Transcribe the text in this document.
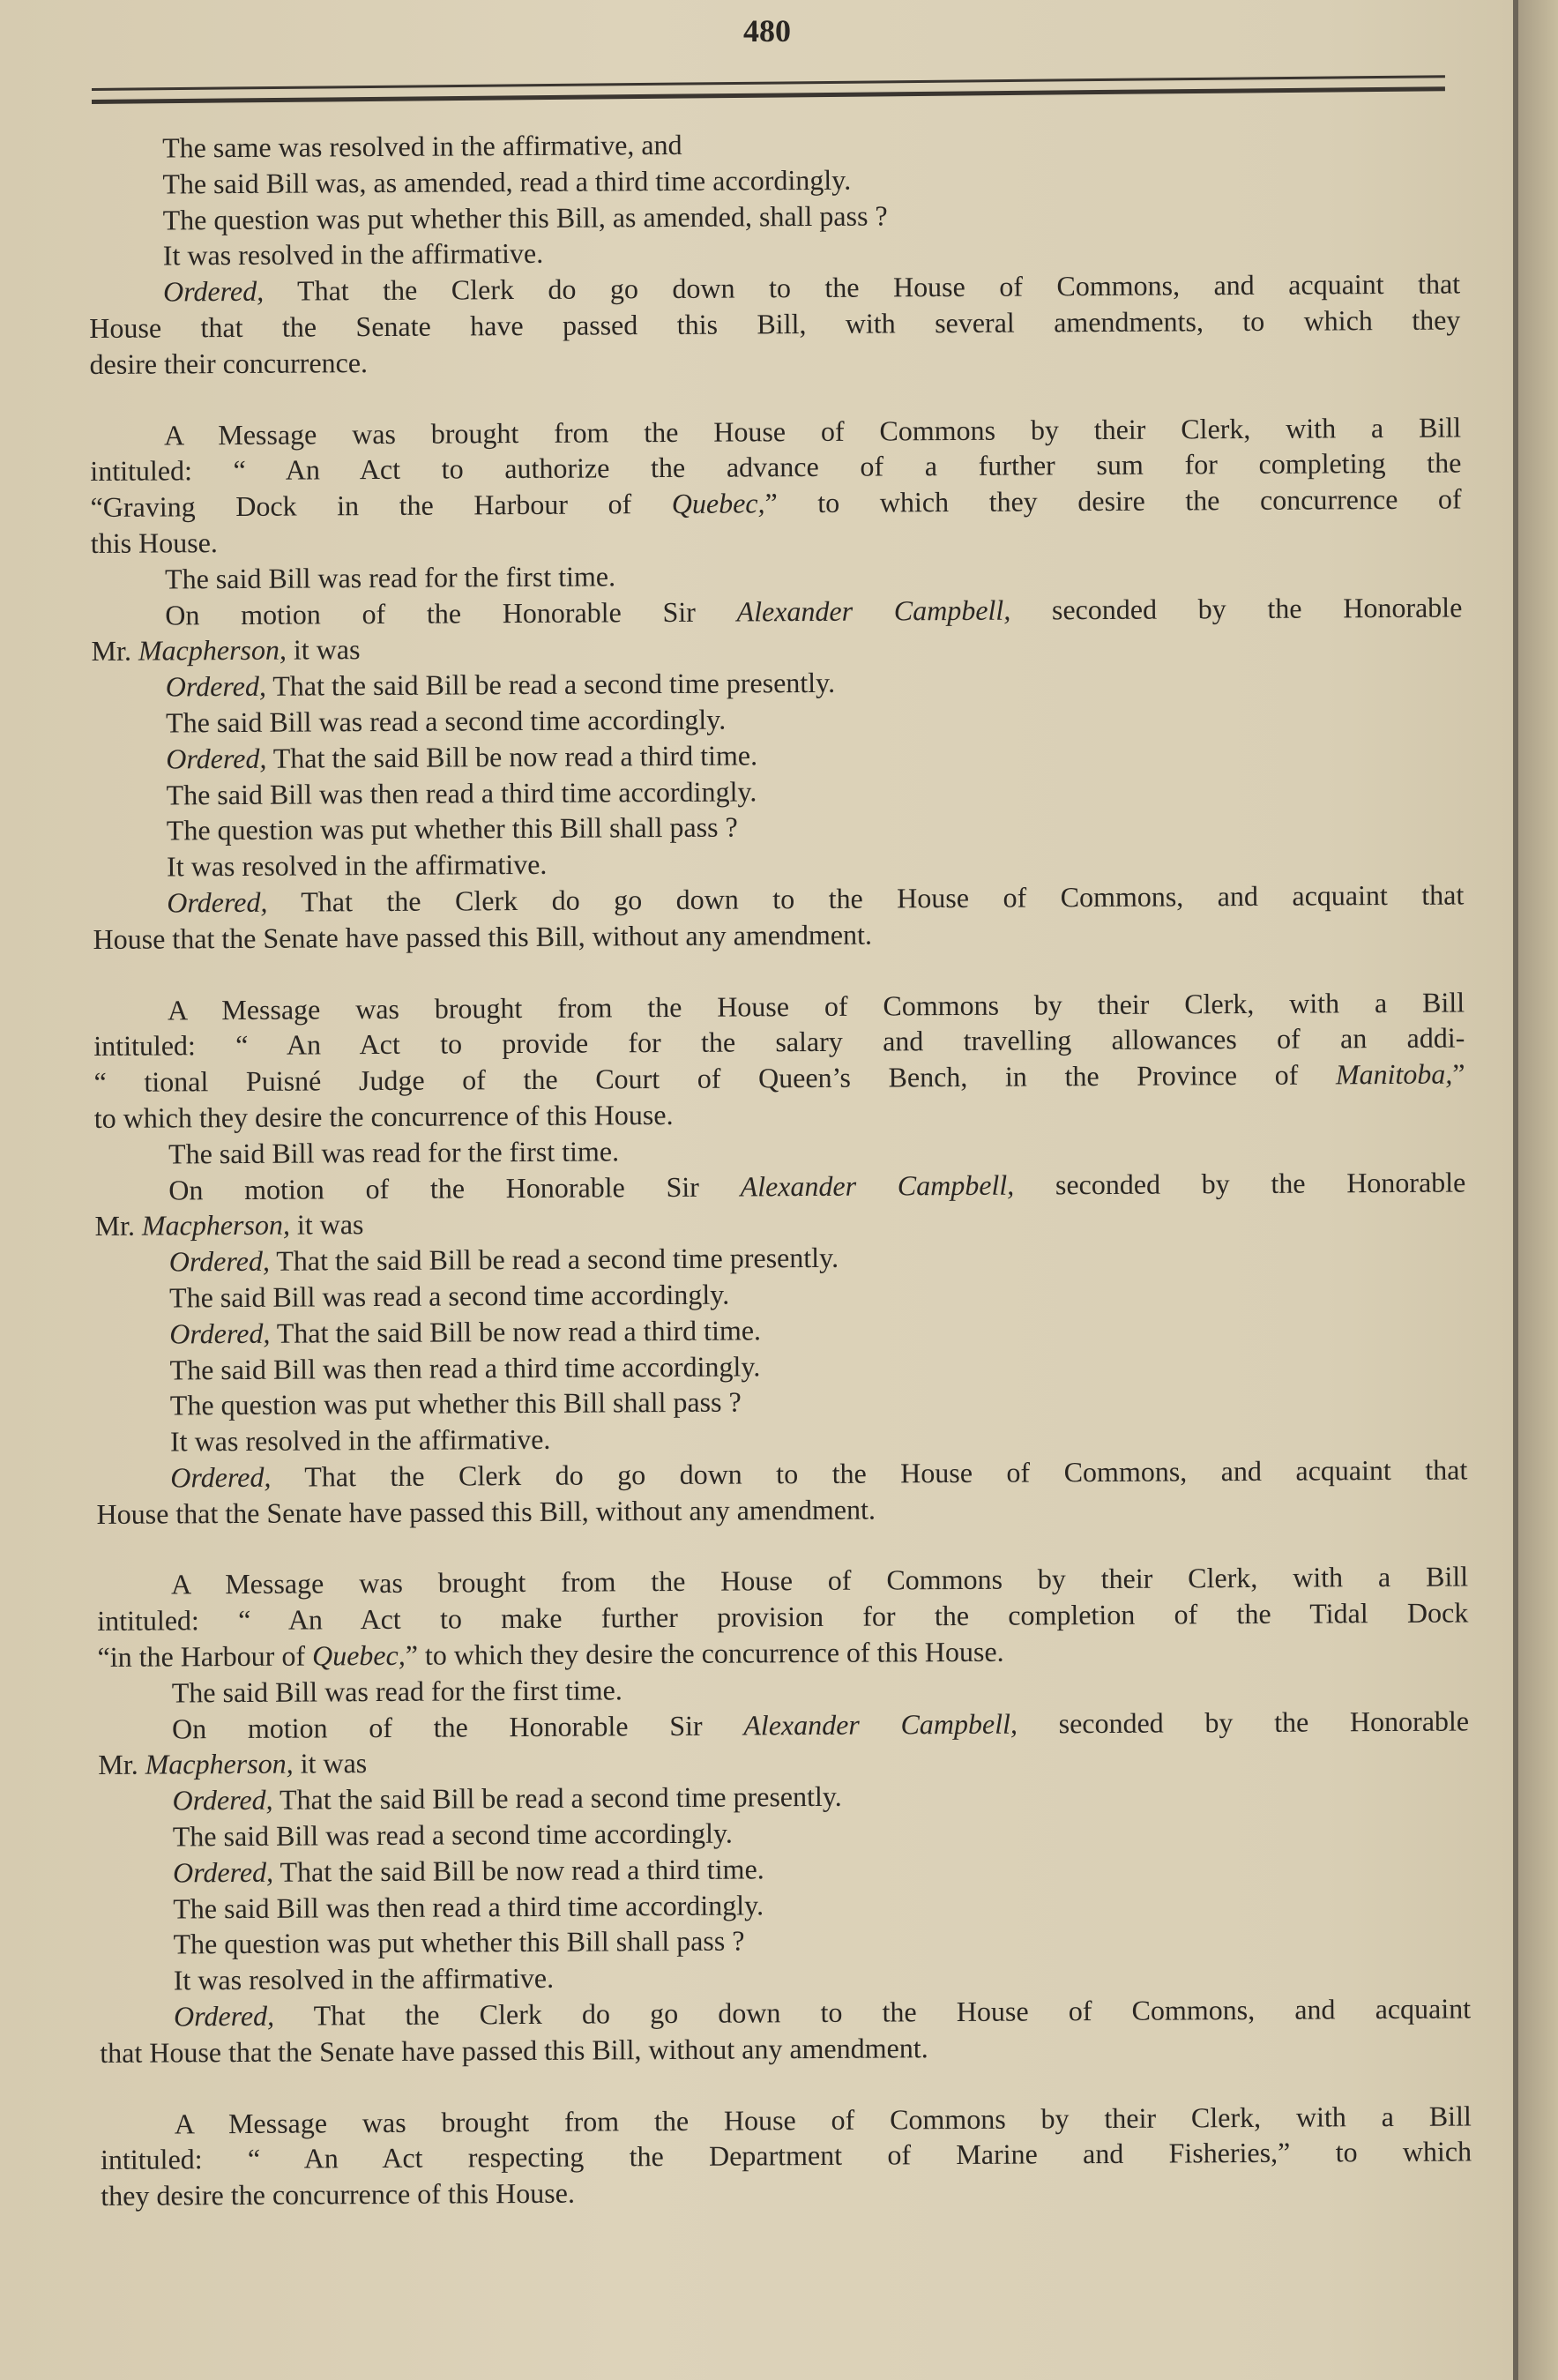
480
The same was resolved in the affirmative, and
The said Bill was, as amended, read a third time accordingly.
The question was put whether this Bill, as amended, shall pass ?
It was resolved in the affirmative.
Ordered, That the Clerk do go down to the House of Commons, and acquaint that
House that the Senate have passed this Bill, with several amendments, to which they
desire their concurrence.
A Message was brought from the House of Commons by their Clerk, with a Bill
intituled: “ An Act to authorize the advance of a further sum for completing the
“Graving Dock in the Harbour of Quebec,” to which they desire the concurrence of
this House.
The said Bill was read for the first time.
On motion of the Honorable Sir Alexander Campbell, seconded by the Honorable
Mr. Macpherson, it was
Ordered, That the said Bill be read a second time presently.
The said Bill was read a second time accordingly.
Ordered, That the said Bill be now read a third time.
The said Bill was then read a third time accordingly.
The question was put whether this Bill shall pass ?
It was resolved in the affirmative.
Ordered, That the Clerk do go down to the House of Commons, and acquaint that
House that the Senate have passed this Bill, without any amendment.
A Message was brought from the House of Commons by their Clerk, with a Bill
intituled: “ An Act to provide for the salary and travelling allowances of an addi-
“ tional Puisné Judge of the Court of Queen’s Bench, in the Province of Manitoba,”
to which they desire the concurrence of this House.
The said Bill was read for the first time.
On motion of the Honorable Sir Alexander Campbell, seconded by the Honorable
Mr. Macpherson, it was
Ordered, That the said Bill be read a second time presently.
The said Bill was read a second time accordingly.
Ordered, That the said Bill be now read a third time.
The said Bill was then read a third time accordingly.
The question was put whether this Bill shall pass ?
It was resolved in the affirmative.
Ordered, That the Clerk do go down to the House of Commons, and acquaint that
House that the Senate have passed this Bill, without any amendment.
A Message was brought from the House of Commons by their Clerk, with a Bill
intituled: “ An Act to make further provision for the completion of the Tidal Dock
“in the Harbour of Quebec,” to which they desire the concurrence of this House.
The said Bill was read for the first time.
On motion of the Honorable Sir Alexander Campbell, seconded by the Honorable
Mr. Macpherson, it was
Ordered, That the said Bill be read a second time presently.
The said Bill was read a second time accordingly.
Ordered, That the said Bill be now read a third time.
The said Bill was then read a third time accordingly.
The question was put whether this Bill shall pass ?
It was resolved in the affirmative.
Ordered, That the Clerk do go down to the House of Commons, and acquaint
that House that the Senate have passed this Bill, without any amendment.
A Message was brought from the House of Commons by their Clerk, with a Bill
intituled: “ An Act respecting the Department of Marine and Fisheries,” to which
they desire the concurrence of this House.
